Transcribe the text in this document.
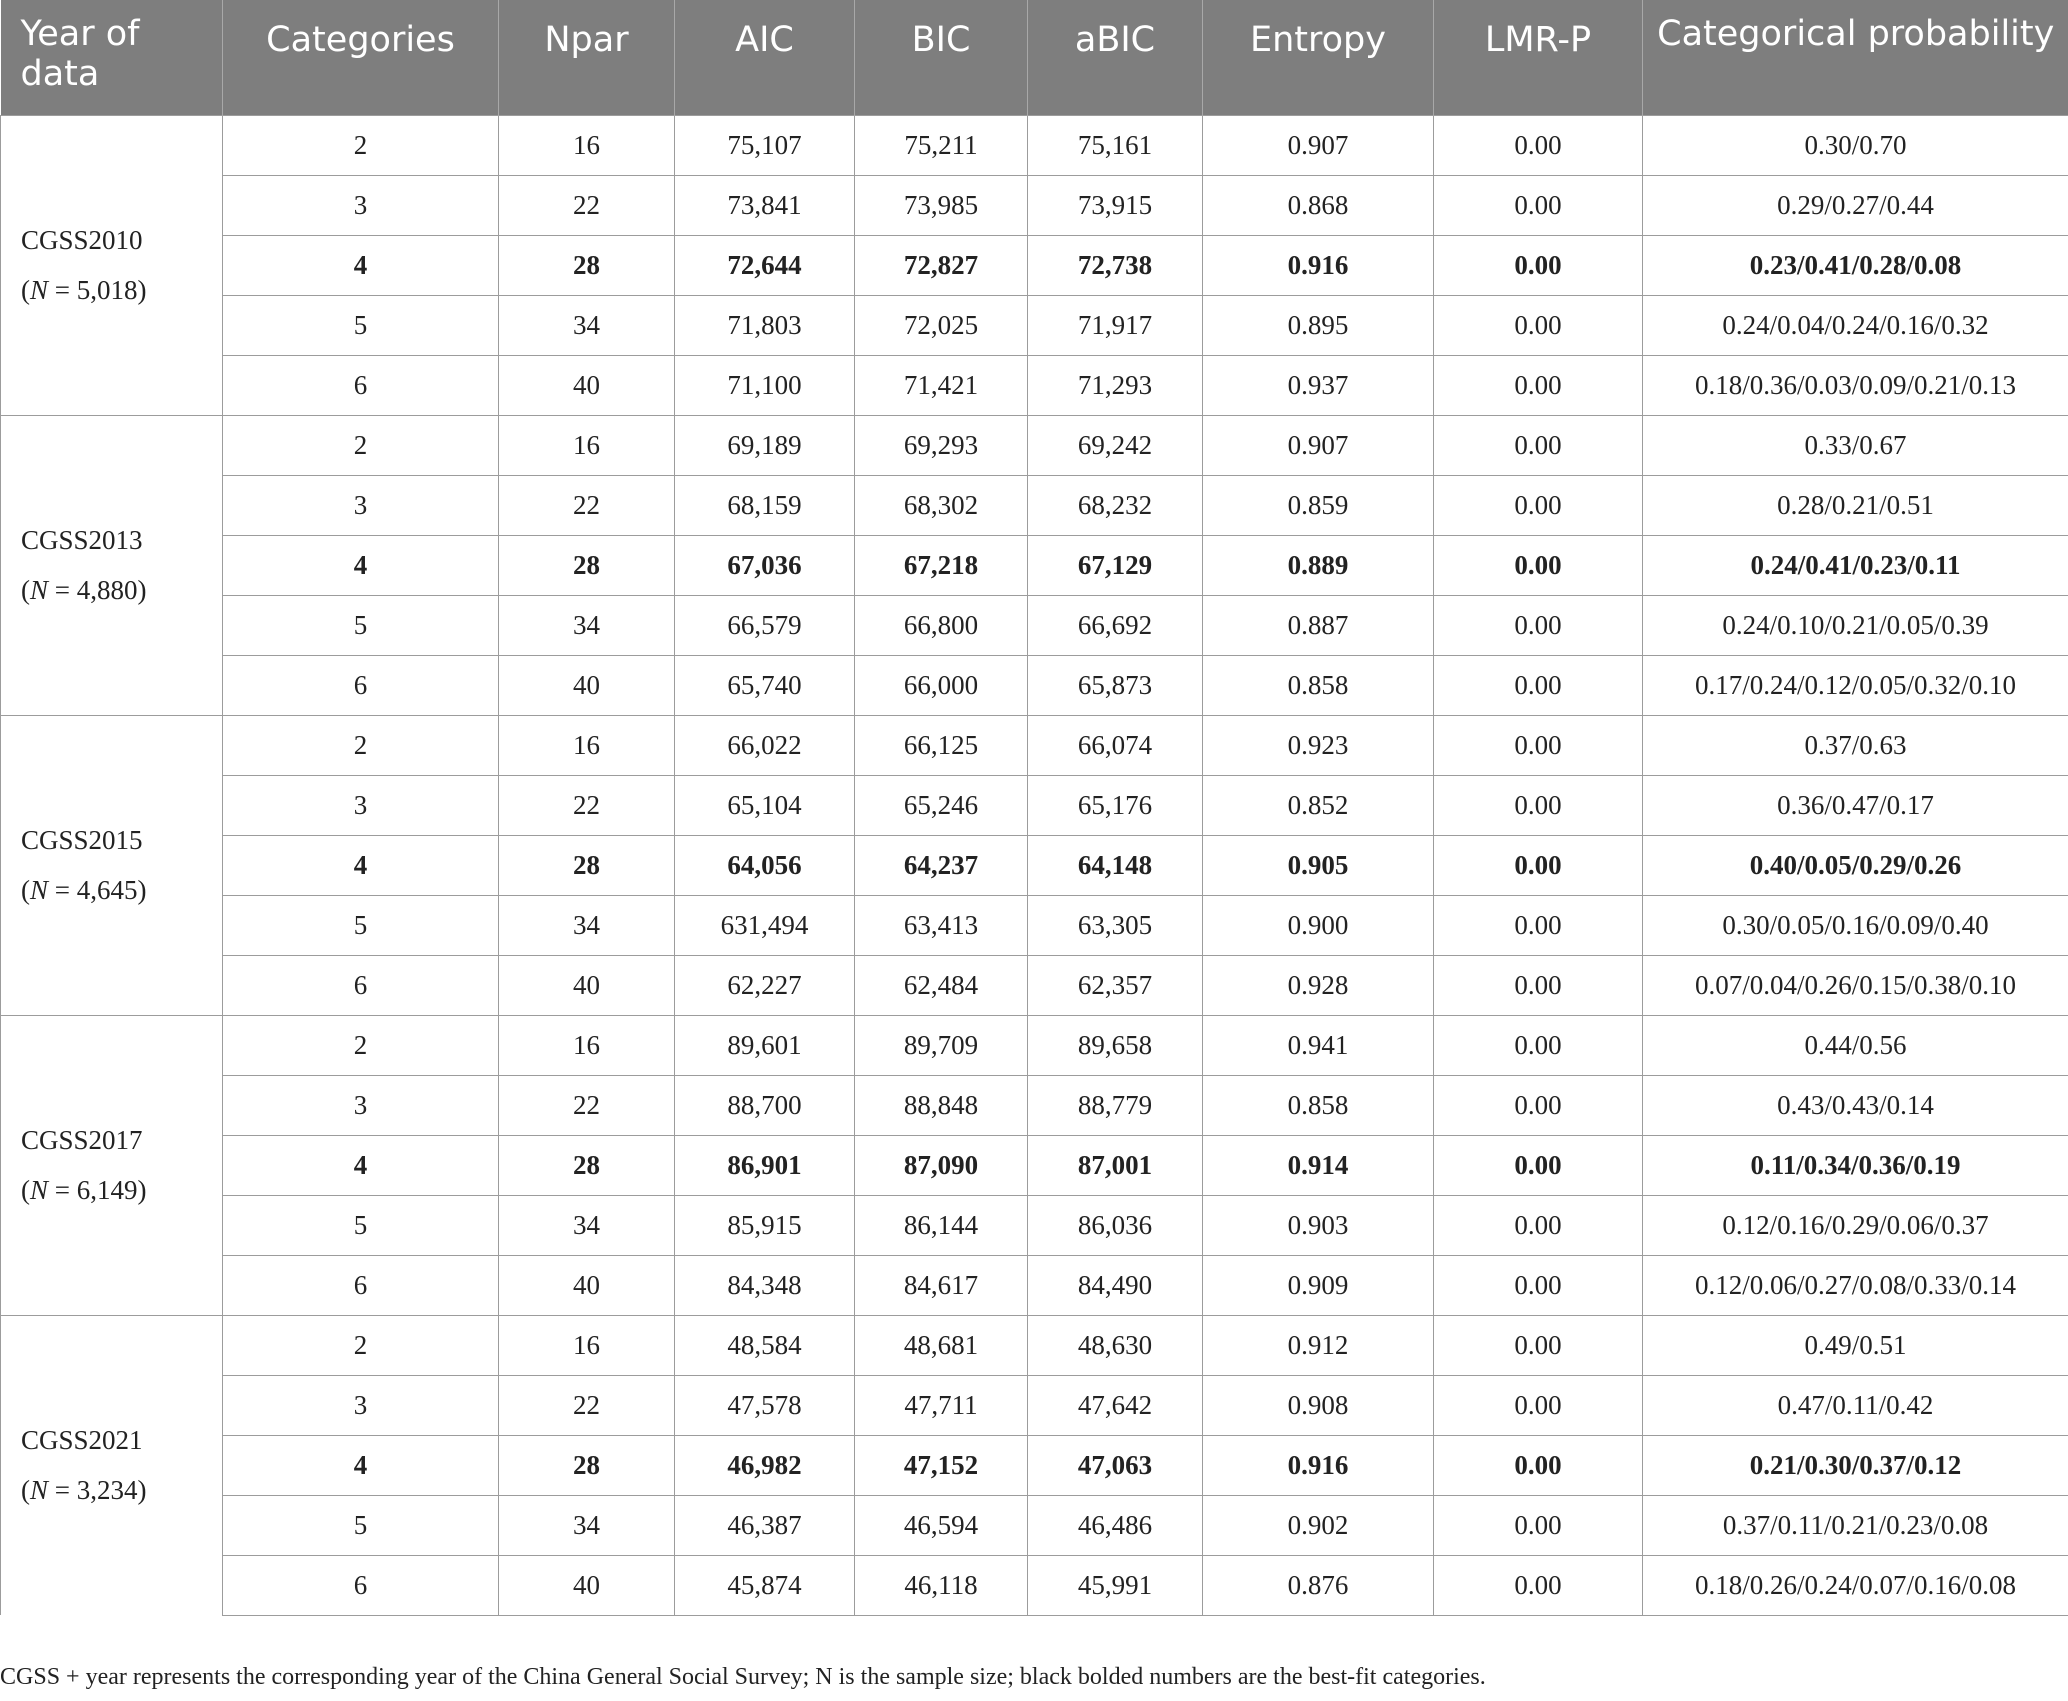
Year of data	Categories	Npar	AIC	BIC	aBIC	Entropy	LMR-P	Categorical probability

CGSS2010
(N = 5,018)	2	16	75,107	75,211	75,161	0.907	0.00	0.30/0.70
	3	22	73,841	73,985	73,915	0.868	0.00	0.29/0.27/0.44
	4	28	72,644	72,827	72,738	0.916	0.00	0.23/0.41/0.28/0.08
	5	34	71,803	72,025	71,917	0.895	0.00	0.24/0.04/0.24/0.16/0.32
	6	40	71,100	71,421	71,293	0.937	0.00	0.18/0.36/0.03/0.09/0.21/0.13

CGSS2013
(N = 4,880)	2	16	69,189	69,293	69,242	0.907	0.00	0.33/0.67
	3	22	68,159	68,302	68,232	0.859	0.00	0.28/0.21/0.51
	4	28	67,036	67,218	67,129	0.889	0.00	0.24/0.41/0.23/0.11
	5	34	66,579	66,800	66,692	0.887	0.00	0.24/0.10/0.21/0.05/0.39
	6	40	65,740	66,000	65,873	0.858	0.00	0.17/0.24/0.12/0.05/0.32/0.10

CGSS2015
(N = 4,645)	2	16	66,022	66,125	66,074	0.923	0.00	0.37/0.63
	3	22	65,104	65,246	65,176	0.852	0.00	0.36/0.47/0.17
	4	28	64,056	64,237	64,148	0.905	0.00	0.40/0.05/0.29/0.26
	5	34	631,494	63,413	63,305	0.900	0.00	0.30/0.05/0.16/0.09/0.40
	6	40	62,227	62,484	62,357	0.928	0.00	0.07/0.04/0.26/0.15/0.38/0.10

CGSS2017
(N = 6,149)	2	16	89,601	89,709	89,658	0.941	0.00	0.44/0.56
	3	22	88,700	88,848	88,779	0.858	0.00	0.43/0.43/0.14
	4	28	86,901	87,090	87,001	0.914	0.00	0.11/0.34/0.36/0.19
	5	34	85,915	86,144	86,036	0.903	0.00	0.12/0.16/0.29/0.06/0.37
	6	40	84,348	84,617	84,490	0.909	0.00	0.12/0.06/0.27/0.08/0.33/0.14

CGSS2021
(N = 3,234)	2	16	48,584	48,681	48,630	0.912	0.00	0.49/0.51
	3	22	47,578	47,711	47,642	0.908	0.00	0.47/0.11/0.42
	4	28	46,982	47,152	47,063	0.916	0.00	0.21/0.30/0.37/0.12
	5	34	46,387	46,594	46,486	0.902	0.00	0.37/0.11/0.21/0.23/0.08
	6	40	45,874	46,118	45,991	0.876	0.00	0.18/0.26/0.24/0.07/0.16/0.08
CGSS + year represents the corresponding year of the China General Social Survey; N is the sample size; black bolded numbers are the best-fit categories.
